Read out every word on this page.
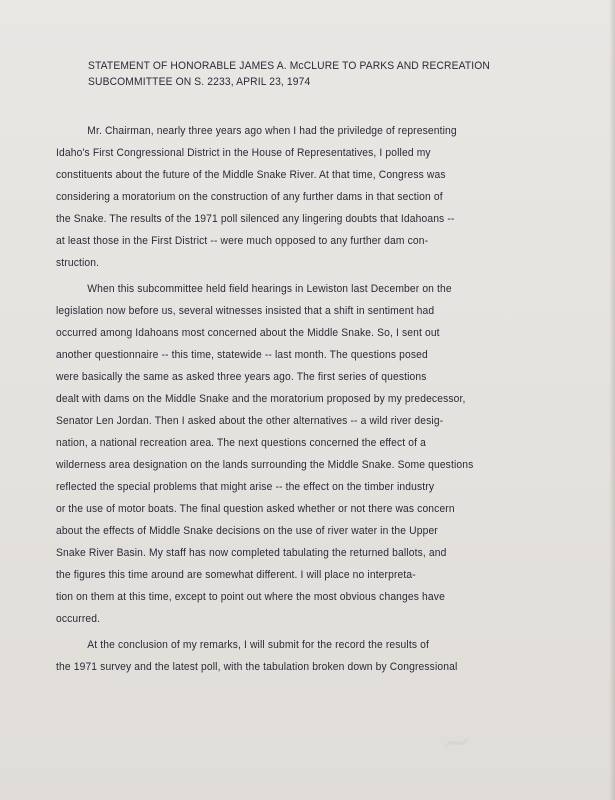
~
STATEMENT OF HONORABLE JAMES A. McCLURE TO PARKS AND RECREATION
SUBCOMMITTEE ON S. 2233, APRIL 23, 1974
Mr. Chairman, nearly three years ago when I had the priviledge of representing
Idaho's First Congressional District in the House of Representatives, I polled my
constituents about the future of the Middle Snake River. At that time, Congress was
considering a moratorium on the construction of any further dams in that section of
the Snake. The results of the 1971 poll silenced any lingering doubts that Idahoans --
at least those in the First District -- were much opposed to any further dam con-
struction.
When this subcommittee held field hearings in Lewiston last December on the
legislation now before us, several witnesses insisted that a shift in sentiment had
occurred among Idahoans most concerned about the Middle Snake. So, I sent out
another questionnaire -- this time, statewide -- last month. The questions posed
were basically the same as asked three years ago. The first series of questions
dealt with dams on the Middle Snake and the moratorium proposed by my predecessor,
Senator Len Jordan. Then I asked about the other alternatives -- a wild river desig-
nation, a national recreation area. The next questions concerned the effect of a
wilderness area designation on the lands surrounding the Middle Snake. Some questions
reflected the special problems that might arise -- the effect on the timber industry
or the use of motor boats. The final question asked whether or not there was concern
about the effects of Middle Snake decisions on the use of river water in the Upper
Snake River Basin. My staff has now completed tabulating the returned ballots, and
the figures this time around are somewhat different. I will place no interpreta-
tion on them at this time, except to point out where the most obvious changes have
occurred.
At the conclusion of my remarks, I will submit for the record the results of
the 1971 survey and the latest poll, with the tabulation broken down by Congressional
